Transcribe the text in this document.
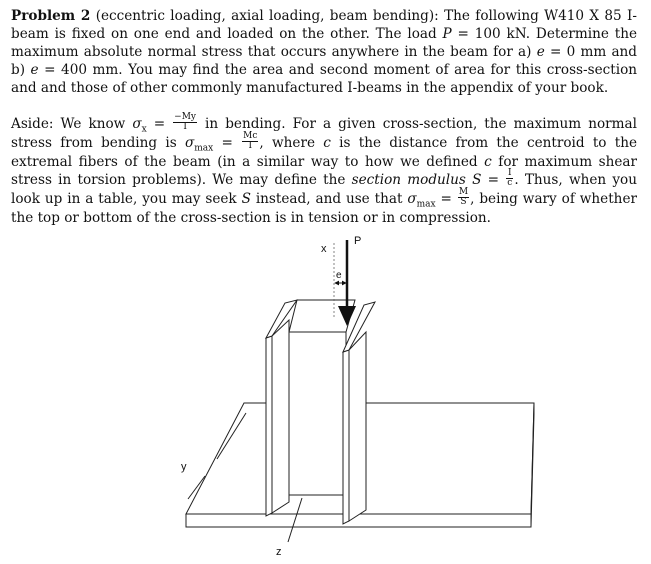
Problem 2 (eccentric loading, axial loading, beam bending): The following W410 X 85 I-beam is fixed on one end and loaded on the other. The load P = 100 kN. Determine the maximum absolute normal stress that occurs anywhere in the beam for a) e = 0 mm and b) e = 400 mm. You may find the area and second moment of area for this cross-section and and those of other commonly manufactured I-beams in the appendix of your book.

Aside: We know $\sigma_x = \frac{-My}{I}$ in bending. For a given cross-section, the maximum normal stress from bending is $\sigma_{max} = \frac{Mc}{I}$ , where c is the distance from the centroid to the extremal fibers of the beam (in a similar way to how we defined c for maximum shear stress in torsion problems). We may define the section modulus $S = \frac{I}{c}$ . Thus, when you look up in a table, you may seek S instead, and use that $\sigma_{max} = \frac{M}{S}$ , being wary of whether the top or bottom of the cross-section is in tension or in compression.

x
P
e
y
z
